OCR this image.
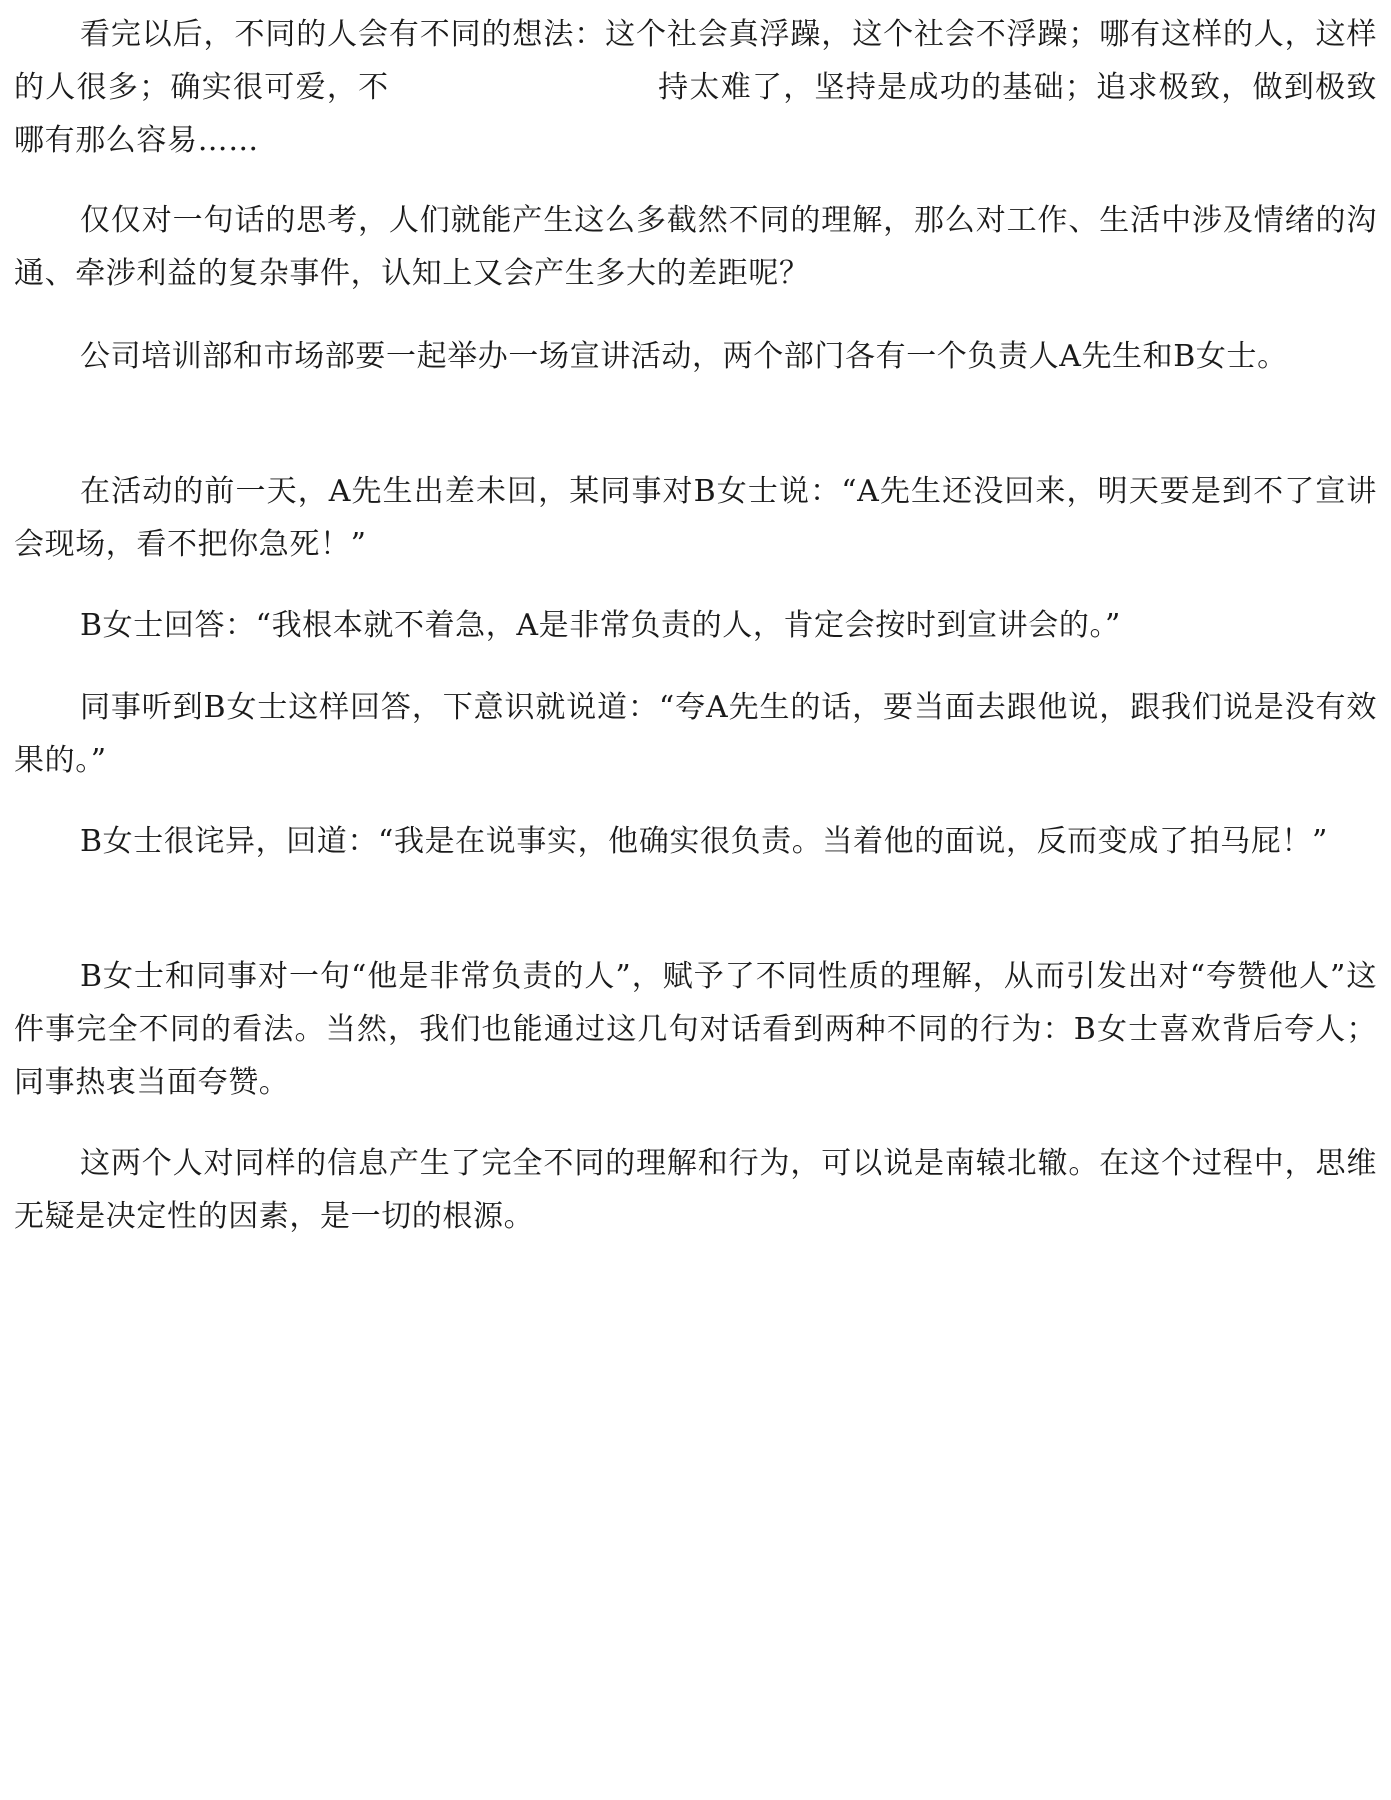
看完以后，不同的人会有不同的想法：这个社会真浮躁，这个社会不浮躁；哪有这样的人，这样的人很多；确实很可爱，不	持太难了，坚持是成功的基础；追求极致，做到极致哪有那么容易……

仅仅对一句话的思考，人们就能产生这么多截然不同的理解，那么对工作、生活中涉及情绪的沟通、牵涉利益的复杂事件，认知上又会产生多大的差距呢？

公司培训部和市场部要一起举办一场宣讲活动，两个部门各有一个负责人A先生和B女士。

在活动的前一天，A先生出差未回，某同事对B女士说：“A先生还没回来，明天要是到不了宣讲会现场，看不把你急死！”

B女士回答：“我根本就不着急，A是非常负责的人，肯定会按时到宣讲会的。”

同事听到B女士这样回答，下意识就说道：“夸A先生的话，要当面去跟他说，跟我们说是没有效果的。”

B女士很诧异，回道：“我是在说事实，他确实很负责。当着他的面说，反而变成了拍马屁！”

B女士和同事对一句“他是非常负责的人”，赋予了不同性质的理解，从而引发出对“夸赞他人”这件事完全不同的看法。当然，我们也能通过这几句对话看到两种不同的行为：B女士喜欢背后夸人；同事热衷当面夸赞。

这两个人对同样的信息产生了完全不同的理解和行为，可以说是南辕北辙。在这个过程中，思维无疑是决定性的因素，是一切的根源。
